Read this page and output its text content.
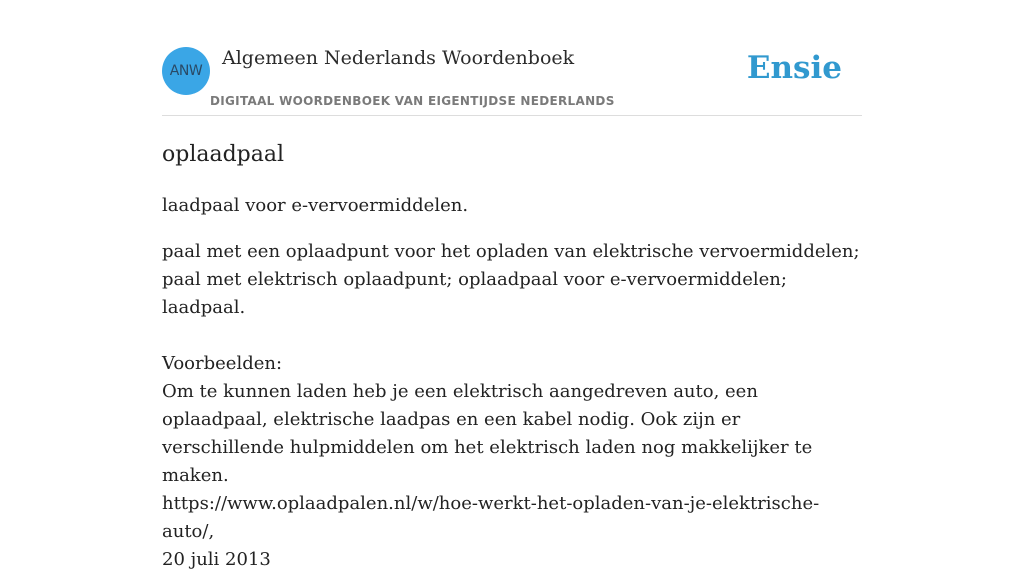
ANW
Algemeen Nederlands Woordenboek
DIGITAAL WOORDENBOEK VAN EIGENTIJDSE NEDERLANDS
Ensie
oplaadpaal

laadpaal voor e-vervoermiddelen.

paal met een oplaadpunt voor het opladen van elektrische vervoermiddelen; paal met elektrisch oplaadpunt; oplaadpaal voor e-vervoermiddelen; laadpaal.

Voorbeelden:
Om te kunnen laden heb je een elektrisch aangedreven auto, een oplaadpaal, elektrische laadpas en een kabel nodig. Ook zijn er verschillende hulpmiddelen om het elektrisch laden nog makkelijker te maken.
https://www.oplaadpalen.nl/w/hoe-werkt-het-opladen-van-je-elektrische-auto/,
20 juli 2013
